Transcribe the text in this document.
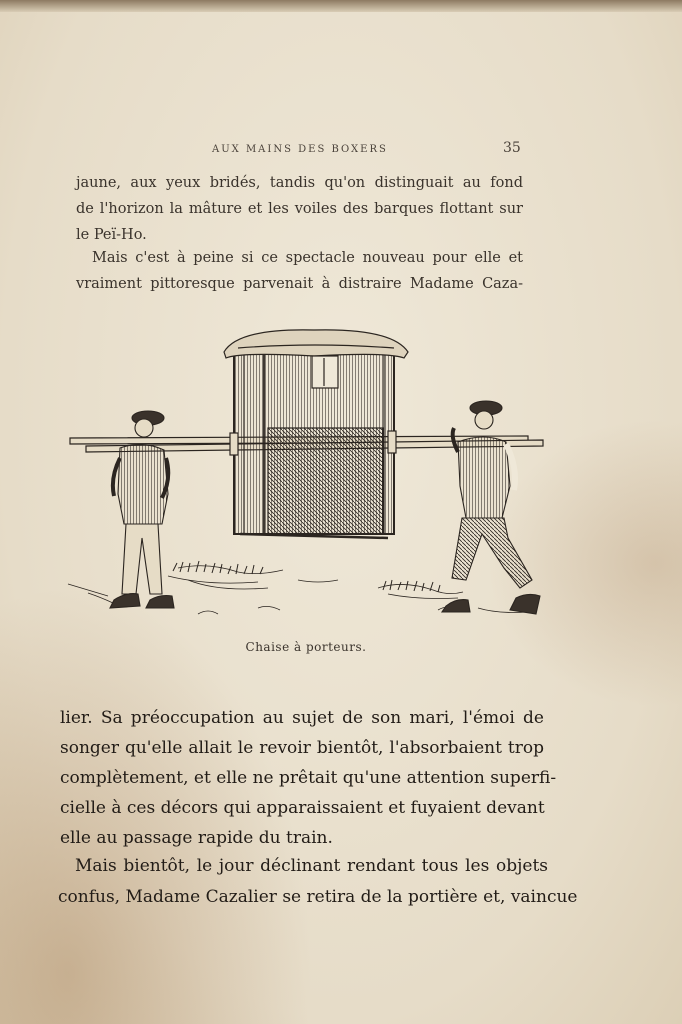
AUX MAINS DES BOXERS	35
jaune, aux yeux bridés, tandis qu'on distinguait au fond
de l'horizon la mâture et les voiles des barques flottant sur
le Peï-Ho.
Mais c'est à peine si ce spectacle nouveau pour elle et
vraiment pittoresque parvenait à distraire Madame Caza-
Chaise à porteurs.
lier. Sa préoccupation au sujet de son mari, l'émoi de
songer qu'elle allait le revoir bientôt, l'absorbaient trop
complètement, et elle ne prêtait qu'une attention superfi-
cielle à ces décors qui apparaissaient et fuyaient devant
elle au passage rapide du train.
Mais bientôt, le jour déclinant rendant tous les objets
confus, Madame Cazalier se retira de la portière et, vaincue
